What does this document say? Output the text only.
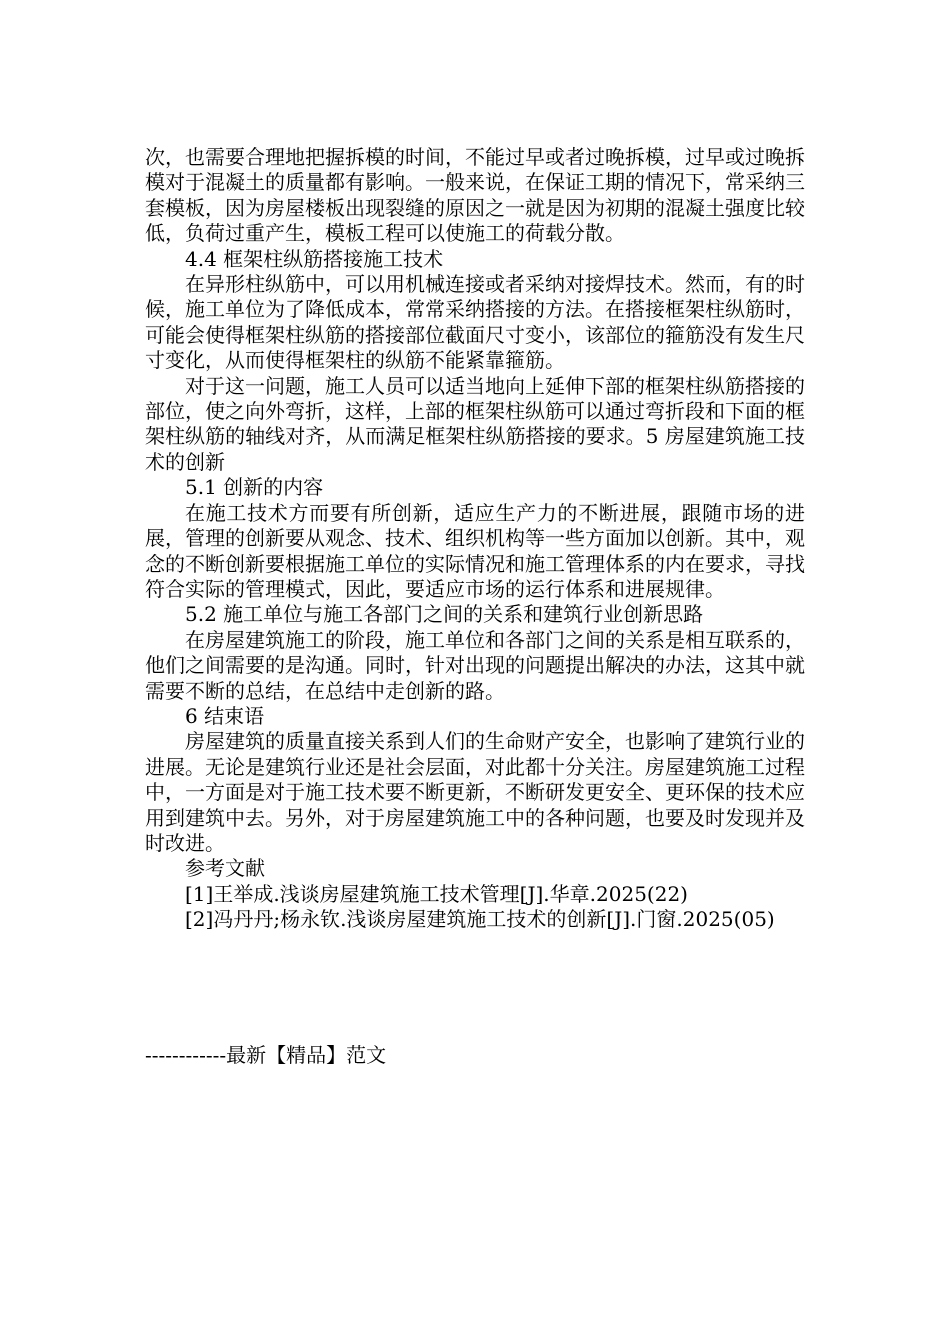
次，也需要合理地把握拆模的时间，不能过早或者过晚拆模，过早或过晚拆模对于混凝土的质量都有影响。一般来说，在保证工期的情况下，常采纳三套模板，因为房屋楼板出现裂缝的原因之一就是因为初期的混凝土强度比较低，负荷过重产生，模板工程可以使施工的荷载分散。

4.4 框架柱纵筋搭接施工技术

在异形柱纵筋中，可以用机械连接或者采纳对接焊技术。然而，有的时候，施工单位为了降低成本，常常采纳搭接的方法。在搭接框架柱纵筋时，可能会使得框架柱纵筋的搭接部位截面尺寸变小，该部位的箍筋没有发生尺寸变化，从而使得框架柱的纵筋不能紧靠箍筋。

对于这一问题，施工人员可以适当地向上延伸下部的框架柱纵筋搭接的部位，使之向外弯折，这样，上部的框架柱纵筋可以通过弯折段和下面的框架柱纵筋的轴线对齐，从而满足框架柱纵筋搭接的要求。5 房屋建筑施工技术的创新

5.1 创新的内容

在施工技术方而要有所创新，适应生产力的不断进展，跟随市场的进展，管理的创新要从观念、技术、组织机构等一些方面加以创新。其中，观念的不断创新要根据施工单位的实际情况和施工管理体系的内在要求，寻找符合实际的管理模式，因此，要适应市场的运行体系和进展规律。

5.2 施工单位与施工各部门之间的关系和建筑行业创新思路

在房屋建筑施工的阶段，施工单位和各部门之间的关系是相互联系的，他们之间需要的是沟通。同时，针对出现的问题提出解决的办法，这其中就需要不断的总结，在总结中走创新的路。

6 结束语

房屋建筑的质量直接关系到人们的生命财产安全，也影响了建筑行业的进展。无论是建筑行业还是社会层面，对此都十分关注。房屋建筑施工过程中，一方面是对于施工技术要不断更新，不断研发更安全、更环保的技术应用到建筑中去。另外，对于房屋建筑施工中的各种问题，也要及时发现并及时改进。

参考文献

[1]王举成.浅谈房屋建筑施工技术管理[J].华章.2025(22)

[2]冯丹丹;杨永钦.浅谈房屋建筑施工技术的创新[J].门窗.2025(05)

------------最新【精品】范文
